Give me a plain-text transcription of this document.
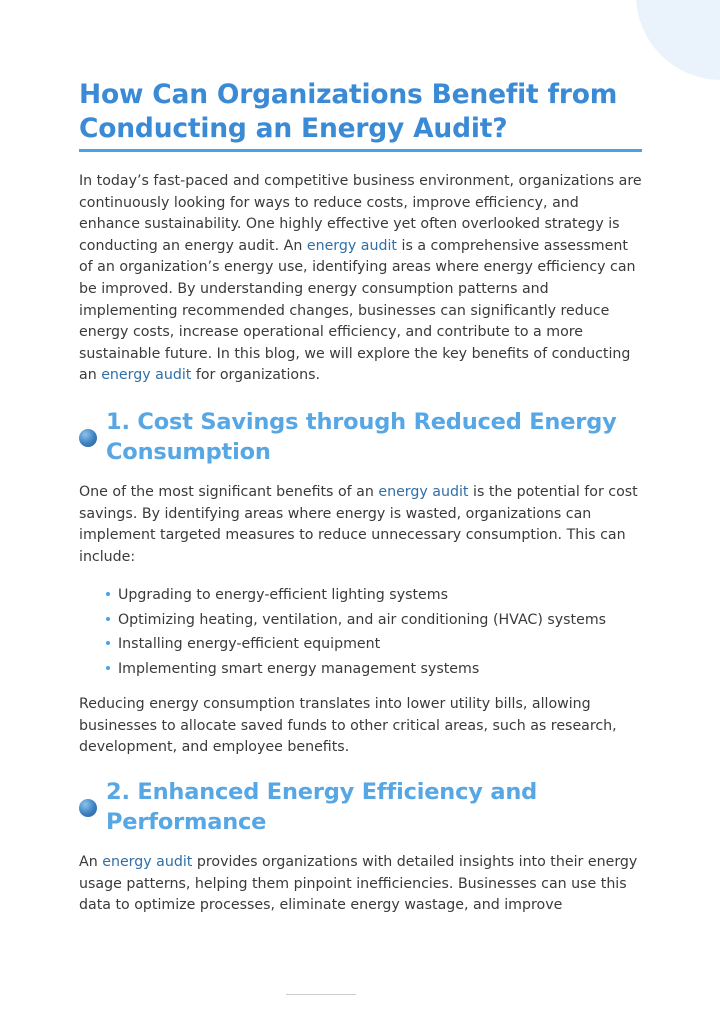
How Can Organizations Benefit from Conducting an Energy Audit?

In today’s fast-paced and competitive business environment, organizations are continuously looking for ways to reduce costs, improve efficiency, and enhance sustainability. One highly effective yet often overlooked strategy is conducting an energy audit. An energy audit is a comprehensive assessment of an organization’s energy use, identifying areas where energy efficiency can be improved. By understanding energy consumption patterns and implementing recommended changes, businesses can significantly reduce energy costs, increase operational efficiency, and contribute to a more sustainable future. In this blog, we will explore the key benefits of conducting an energy audit for organizations.

1. Cost Savings through Reduced Energy Consumption

One of the most significant benefits of an energy audit is the potential for cost savings. By identifying areas where energy is wasted, organizations can implement targeted measures to reduce unnecessary consumption. This can include:

Upgrading to energy-efficient lighting systems
Optimizing heating, ventilation, and air conditioning (HVAC) systems
Installing energy-efficient equipment
Implementing smart energy management systems

Reducing energy consumption translates into lower utility bills, allowing businesses to allocate saved funds to other critical areas, such as research, development, and employee benefits.

2. Enhanced Energy Efficiency and Performance

An energy audit provides organizations with detailed insights into their energy usage patterns, helping them pinpoint inefficiencies. Businesses can use this data to optimize processes, eliminate energy wastage, and improve
